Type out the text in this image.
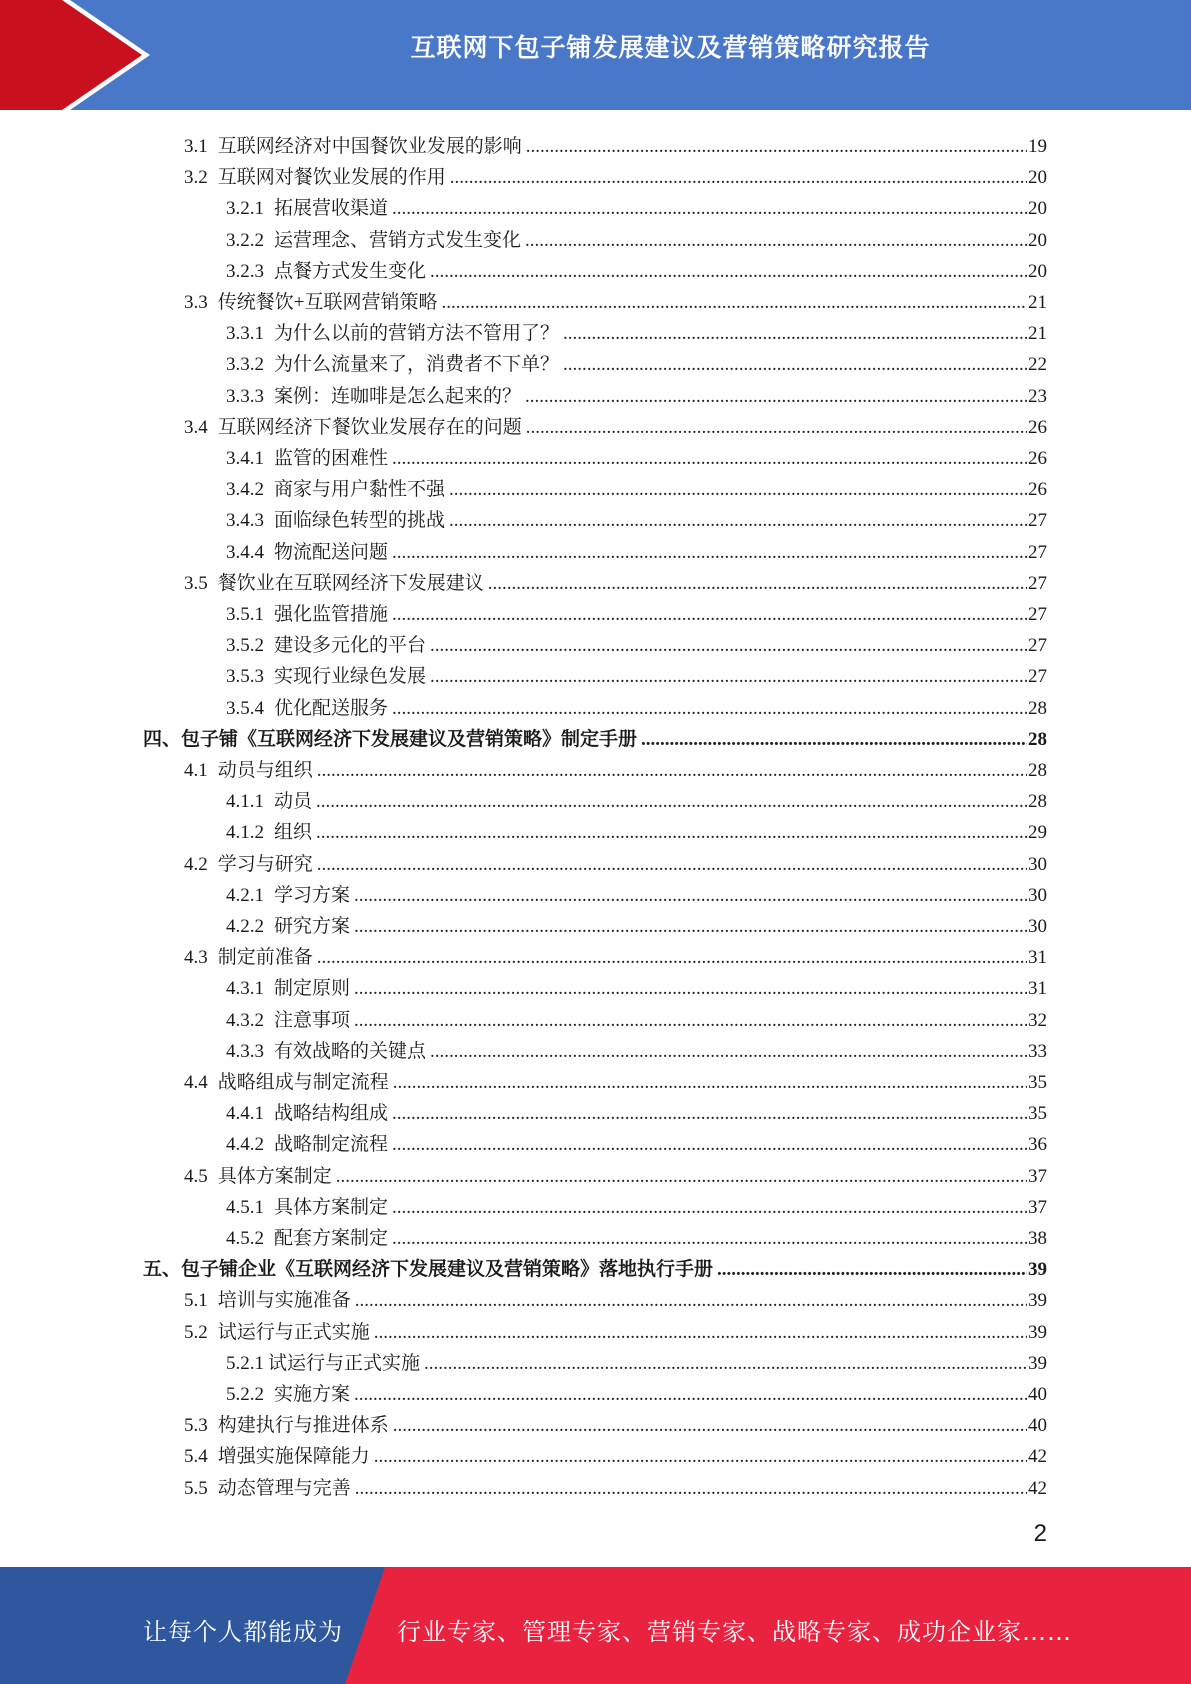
互联网下包子铺发展建议及营销策略研究报告
3.1 互联网经济对中国餐饮业发展的影响 .....	19
3.2 互联网对餐饮业发展的作用 .....	20
3.2.1 拓展营收渠道 .....	20
3.2.2 运营理念、营销方式发生变化 .....	20
3.2.3 点餐方式发生变化 .....	20
3.3 传统餐饮+互联网营销策略 .....	21
3.3.1 为什么以前的营销方法不管用了？ .....	21
3.3.2 为什么流量来了，消费者不下单？ .....	22
3.3.3 案例：连咖啡是怎么起来的？ .....	23
3.4 互联网经济下餐饮业发展存在的问题 .....	26
3.4.1 监管的困难性 .....	26
3.4.2 商家与用户黏性不强 .....	26
3.4.3 面临绿色转型的挑战 .....	27
3.4.4 物流配送问题 .....	27
3.5 餐饮业在互联网经济下发展建议 .....	27
3.5.1 强化监管措施 .....	27
3.5.2 建设多元化的平台 .....	27
3.5.3 实现行业绿色发展 .....	27
3.5.4 优化配送服务 .....	28
四、 包子铺《互联网经济下发展建议及营销策略》制定手册 .....	28
4.1 动员与组织 .....	28
4.1.1 动员 .....	28
4.1.2 组织 .....	29
4.2 学习与研究 .....	30
4.2.1 学习方案 .....	30
4.2.2 研究方案 .....	30
4.3 制定前准备 .....	31
4.3.1 制定原则 .....	31
4.3.2 注意事项 .....	32
4.3.3 有效战略的关键点 .....	33
4.4 战略组成与制定流程 .....	35
4.4.1 战略结构组成 .....	35
4.4.2 战略制定流程 .....	36
4.5 具体方案制定 .....	37
4.5.1 具体方案制定 .....	37
4.5.2 配套方案制定 .....	38
五、 包子铺企业《互联网经济下发展建议及营销策略》落地执行手册 .....	39
5.1 培训与实施准备 .....	39
5.2 试运行与正式实施 .....	39
5.2.1 试运行与正式实施 .....	39
5.2.2 实施方案 .....	40
5.3 构建执行与推进体系 .....	40
5.4 增强实施保障能力 .....	42
5.5 动态管理与完善 .....	42
2
让每个人都能成为 行业专家、管理专家、营销专家、战略专家、成功企业家……
